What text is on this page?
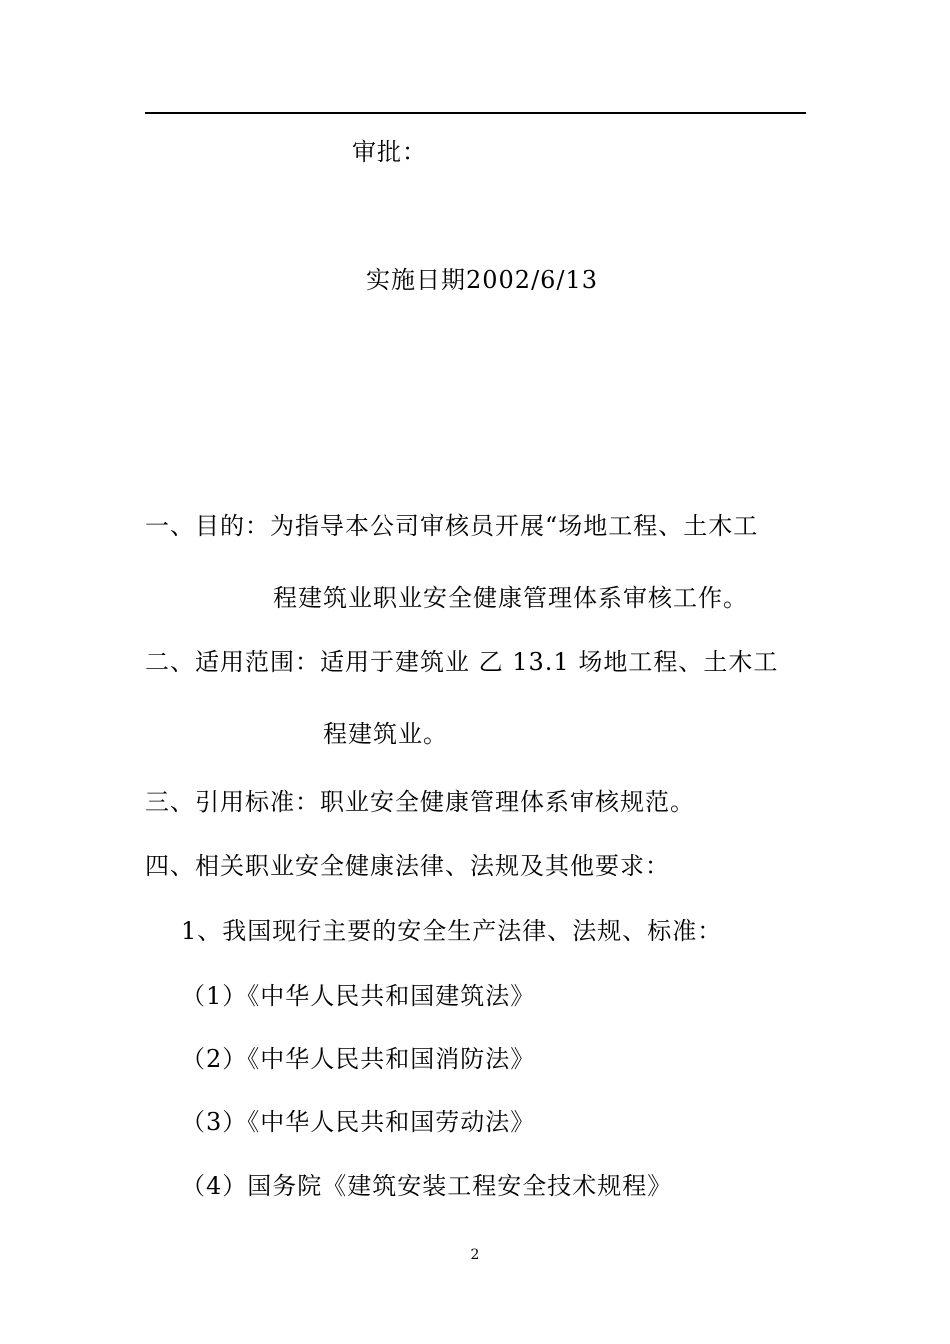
审批：
实施日期2002/6/13
一、目的：为指导本公司审核员开展“场地工程、土木工
程建筑业职业安全健康管理体系审核工作。
二、适用范围：适用于建筑业 乙 13.1 场地工程、土木工
程建筑业。
三、引用标准：职业安全健康管理体系审核规范。
四、相关职业安全健康法律、法规及其他要求：
1、我国现行主要的安全生产法律、法规、标准：
（1）《中华人民共和国建筑法》
（2）《中华人民共和国消防法》
（3）《中华人民共和国劳动法》
（4）国务院《建筑安装工程安全技术规程》
2
